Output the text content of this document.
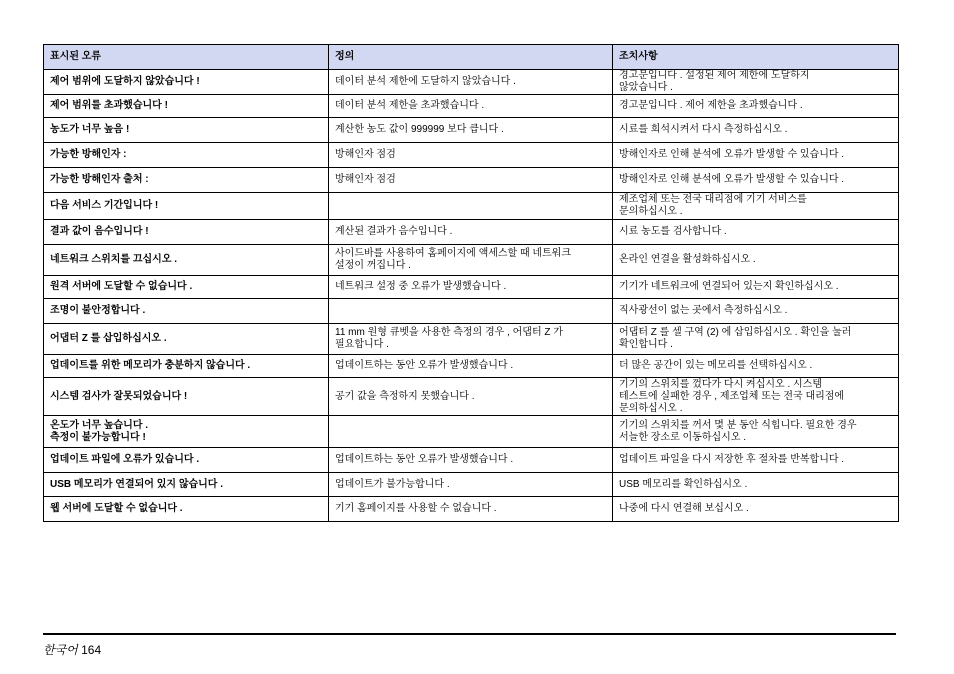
표시된 오류	정의	조치사항
제어 범위에 도달하지 않았습니다 !	데이터 분석 제한에 도달하지 않았습니다 .	경고문입니다 . 설정된 제어 제한에 도달하지
않았습니다 .
제어 범위를 초과했습니다 !	데이터 분석 제한을 초과했습니다 .	경고문입니다 . 제어 제한을 초과했습니다 .
농도가 너무 높음 !	계산한 농도 값이 999999 보다 큽니다 .	시료를 희석시켜서 다시 측정하십시오 .
가능한 방해인자 :	방해인자 점검	방해인자로 인해 분석에 오류가 발생할 수 있습니다 .
가능한 방해인자 출처 :	방해인자 점검	방해인자로 인해 분석에 오류가 발생할 수 있습니다 .
다음 서비스 기간입니다 !		제조업체 또는 전국 대리점에 기기 서비스를
문의하십시오 .
결과 값이 음수입니다 !	계산된 결과가 음수입니다 .	시료 농도를 검사합니다 .
네트워크 스위치를 끄십시오 .	사이드바를 사용하여 홈페이지에 액세스할 때 네트워크
설정이 꺼집니다 .	온라인 연결을 활성화하십시오 .
원격 서버에 도달할 수 없습니다 .	네트워크 설정 중 오류가 발생했습니다 .	기기가 네트워크에 연결되어 있는지 확인하십시오 .
조명이 불안정합니다 .		직사광선이 없는 곳에서 측정하십시오 .
어댑터 Z 를 삽입하십시오 .	11 mm 원형 큐벳을 사용한 측정의 경우 , 어댑터 Z 가
필요합니다 .	어댑터 Z 를 셀 구역 (2) 에 삽입하십시오 . 확인을 눌러
확인합니다 .
업데이트를 위한 메모리가 충분하지 않습니다 .	업데이트하는 동안 오류가 발생했습니다 .	더 많은 공간이 있는 메모리를 선택하십시오 .
시스템 검사가 잘못되었습니다 !	공기 값을 측정하지 못했습니다 .	기기의 스위치를 껐다가 다시 켜십시오 . 시스템
테스트에 실패한 경우 , 제조업체 또는 전국 대리점에
문의하십시오 .
온도가 너무 높습니다 .
측정이 불가능합니다 !		기기의 스위치를 꺼서 몇 분 동안 식힙니다. 필요한 경우
서늘한 장소로 이동하십시오 .
업데이트 파일에 오류가 있습니다 .	업데이트하는 동안 오류가 발생했습니다 .	업데이트 파일을 다시 저장한 후 절차를 반복합니다 .
USB 메모리가 연결되어 있지 않습니다 .	업데이트가 불가능합니다 .	USB 메모리를 확인하십시오 .
웹 서버에 도달할 수 없습니다 .	기기 홈페이지를 사용할 수 없습니다 .	나중에 다시 연결해 보십시오 .
한국어 164
